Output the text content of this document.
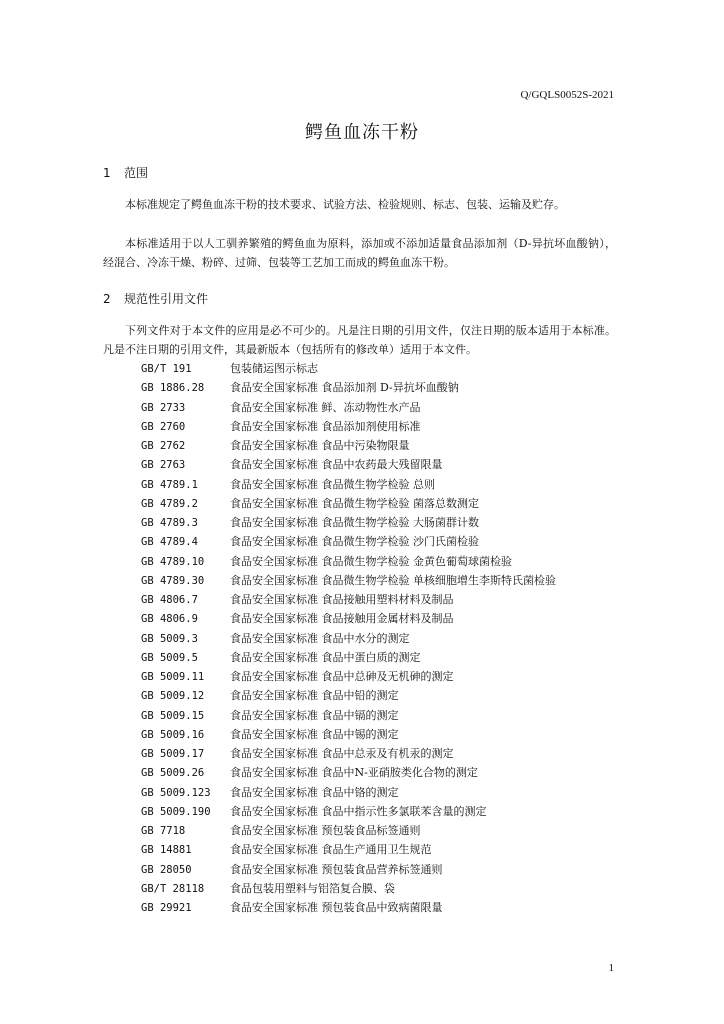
Q/GQLS0052S-2021
鳄鱼血冻干粉
1 范围

本标准规定了鳄鱼血冻干粉的技术要求、试验方法、检验规则、标志、包装、运输及贮存。

本标准适用于以人工驯养繁殖的鳄鱼血为原料，添加或不添加适量食品添加剂（D-异抗坏血酸钠），经混合、冷冻干燥、粉碎、过筛、包装等工艺加工而成的鳄鱼血冻干粉。

2 规范性引用文件

下列文件对于本文件的应用是必不可少的。凡是注日期的引用文件，仅注日期的版本适用于本标准。凡是不注日期的引用文件，其最新版本（包括所有的修改单）适用于本文件。

GB/T 191	包装储运图示标志
GB 1886.28 食品安全国家标准 食品添加剂 D-异抗坏血酸钠
GB 2733	食品安全国家标准 鲜、冻动物性水产品
GB 2760	食品安全国家标准 食品添加剂使用标准
GB 2762	食品安全国家标准 食品中污染物限量
GB 2763	食品安全国家标准 食品中农药最大残留限量
GB 4789.1	食品安全国家标准 食品微生物学检验 总则
GB 4789.2	食品安全国家标准 食品微生物学检验 菌落总数测定
GB 4789.3	食品安全国家标准 食品微生物学检验 大肠菌群计数
GB 4789.4	食品安全国家标准 食品微生物学检验 沙门氏菌检验
GB 4789.10 食品安全国家标准 食品微生物学检验 金黄色葡萄球菌检验
GB 4789.30 食品安全国家标准 食品微生物学检验 单核细胞增生李斯特氏菌检验
GB 4806.7	食品安全国家标准 食品接触用塑料材料及制品
GB 4806.9	食品安全国家标准 食品接触用金属材料及制品
GB 5009.3	食品安全国家标准 食品中水分的测定
GB 5009.5	食品安全国家标准 食品中蛋白质的测定
GB 5009.11 食品安全国家标准 食品中总砷及无机砷的测定
GB 5009.12 食品安全国家标准 食品中铅的测定
GB 5009.15 食品安全国家标准 食品中镉的测定
GB 5009.16 食品安全国家标准 食品中锡的测定
GB 5009.17 食品安全国家标准 食品中总汞及有机汞的测定
GB 5009.26 食品安全国家标准 食品中N-亚硝胺类化合物的测定
GB 5009.123 食品安全国家标准 食品中铬的测定
GB 5009.190 食品安全国家标准 食品中指示性多氯联苯含量的测定
GB 7718	食品安全国家标准 预包装食品标签通则
GB 14881	食品安全国家标准 食品生产通用卫生规范
GB 28050	食品安全国家标准 预包装食品营养标签通则
GB/T 28118 食品包装用塑料与铝箔复合膜、袋
GB 29921	食品安全国家标准 预包装食品中致病菌限量
1
